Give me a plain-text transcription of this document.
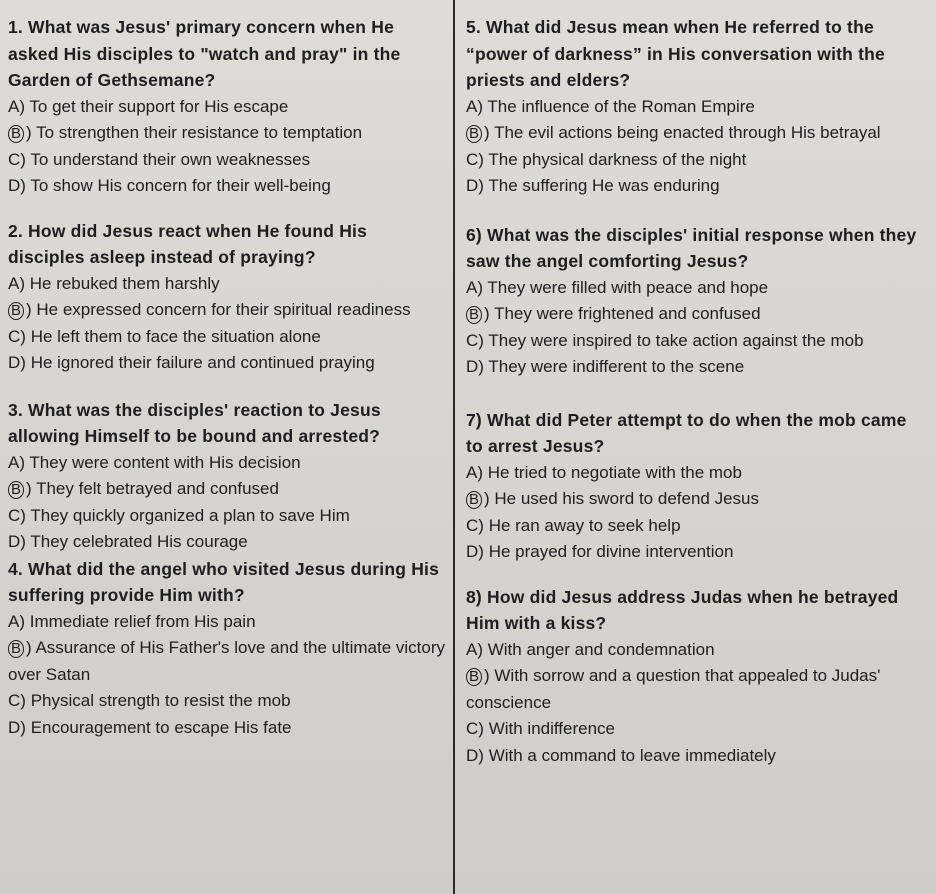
1. What was Jesus' primary concern when He asked His disciples to "watch and pray" in the Garden of Gethsemane?

A) To get their support for His escape

B ) To strengthen their resistance to temptation

C) To understand their own weaknesses

D) To show His concern for their well-being

2. How did Jesus react when He found His disciples asleep instead of praying?

A) He rebuked them harshly

B ) He expressed concern for their spiritual readiness

C) He left them to face the situation alone

D) He ignored their failure and continued praying

3. What was the disciples' reaction to Jesus allowing Himself to be bound and arrested?

A) They were content with His decision

B ) They felt betrayed and confused

C) They quickly organized a plan to save Him

D) They celebrated His courage

4. What did the angel who visited Jesus during His suffering provide Him with?

A) Immediate relief from His pain

B ) Assurance of His Father's love and the ultimate victory over Satan

C) Physical strength to resist the mob

D) Encouragement to escape His fate

5. What did Jesus mean when He referred to the “power of darkness” in His conversation with the priests and elders?

A) The influence of the Roman Empire

B ) The evil actions being enacted through His betrayal

C) The physical darkness of the night

D) The suffering He was enduring

6) What was the disciples' initial response when they saw the angel comforting Jesus?

A) They were filled with peace and hope

B ) They were frightened and confused

C) They were inspired to take action against the mob

D) They were indifferent to the scene

7) What did Peter attempt to do when the mob came to arrest Jesus?

A) He tried to negotiate with the mob

B ) He used his sword to defend Jesus

C) He ran away to seek help

D) He prayed for divine intervention

8) How did Jesus address Judas when he betrayed Him with a kiss?

A) With anger and condemnation

B ) With sorrow and a question that appealed to Judas' conscience

C) With indifference

D) With a command to leave immediately
